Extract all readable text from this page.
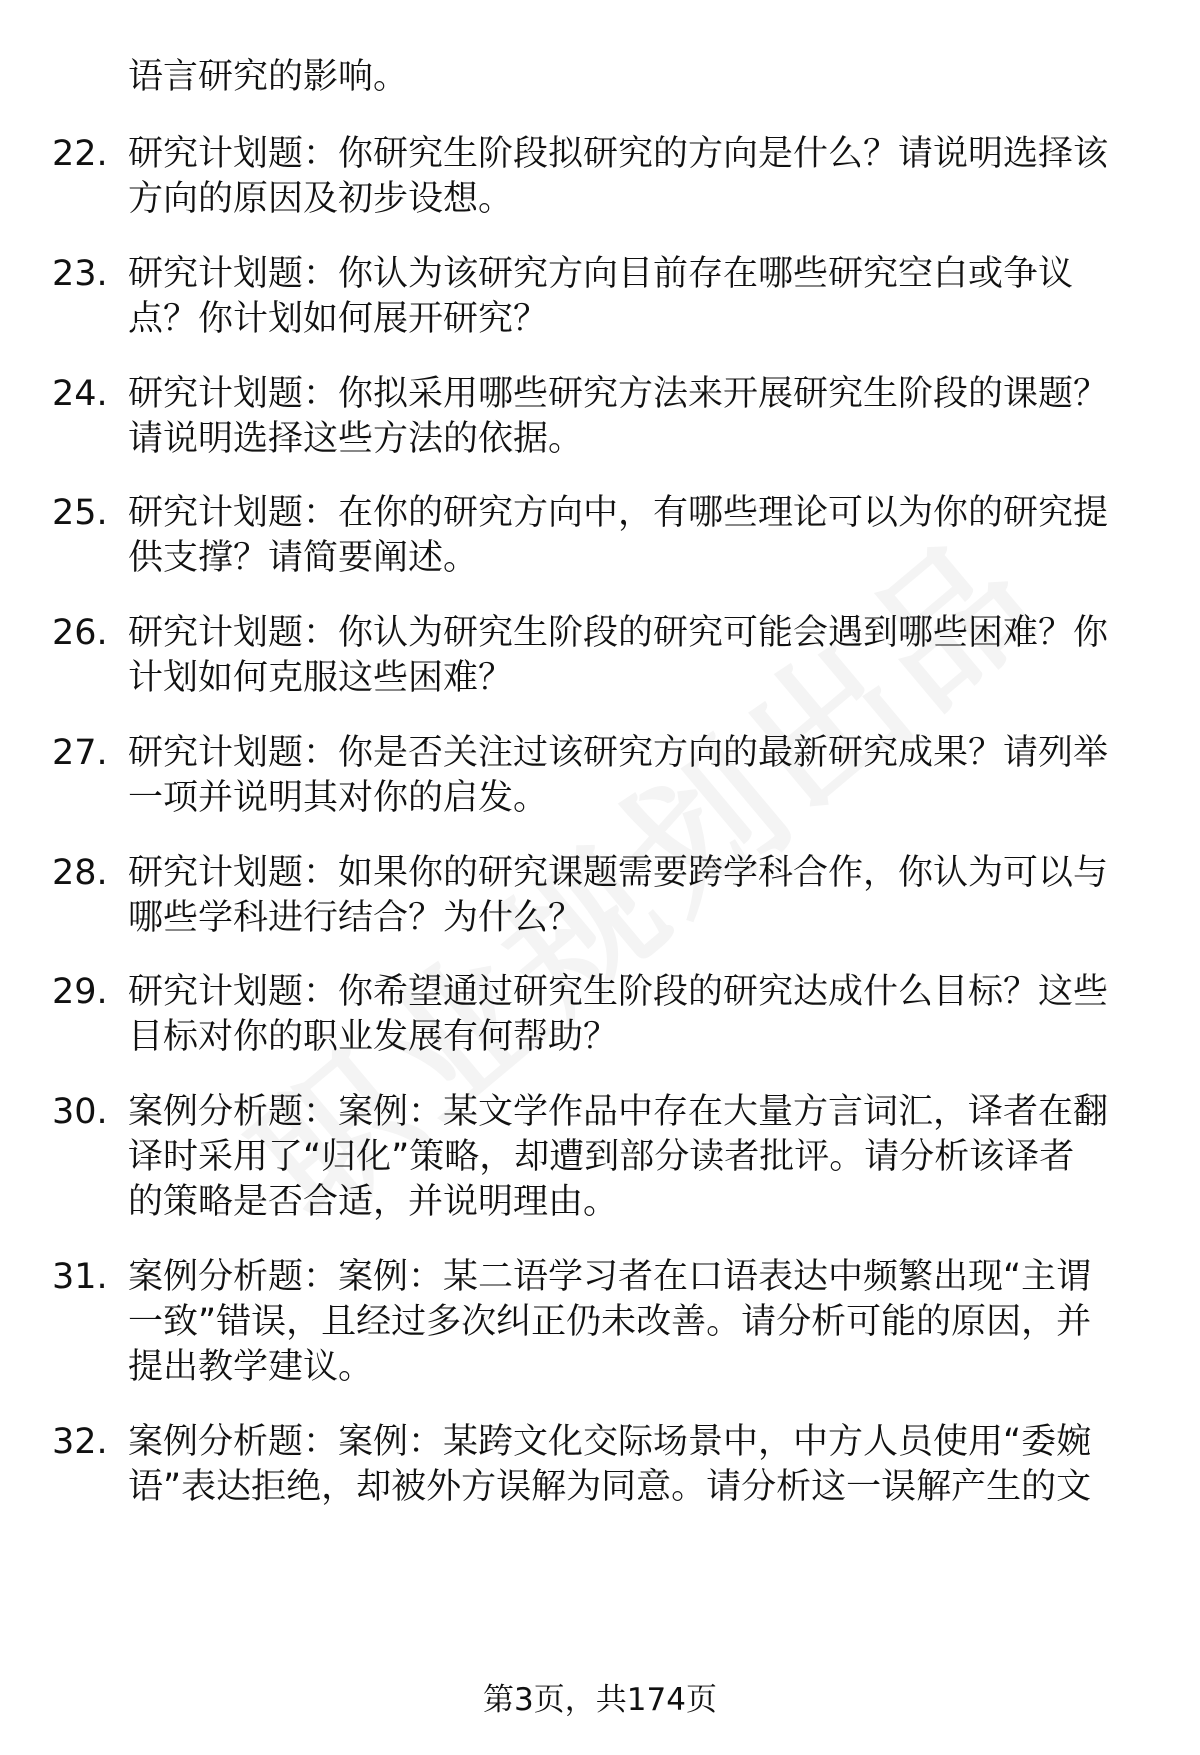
语言研究的影响。
22. 研究计划题：你研究生阶段拟研究的方向是什么？请说明选择该
方向的原因及初步设想。
23. 研究计划题：你认为该研究方向目前存在哪些研究空白或争议
点？你计划如何展开研究？
24. 研究计划题：你拟采用哪些研究方法来开展研究生阶段的课题？
请说明选择这些方法的依据。
25. 研究计划题：在你的研究方向中，有哪些理论可以为你的研究提
供支撑？请简要阐述。
26. 研究计划题：你认为研究生阶段的研究可能会遇到哪些困难？你
计划如何克服这些困难？
27. 研究计划题：你是否关注过该研究方向的最新研究成果？请列举
一项并说明其对你的启发。
28. 研究计划题：如果你的研究课题需要跨学科合作，你认为可以与
哪些学科进行结合？为什么？
29. 研究计划题：你希望通过研究生阶段的研究达成什么目标？这些
目标对你的职业发展有何帮助？
30. 案例分析题：案例：某文学作品中存在大量方言词汇，译者在翻
译时采用了“归化”策略，却遭到部分读者批评。请分析该译者
的策略是否合适，并说明理由。
31. 案例分析题：案例：某二语学习者在口语表达中频繁出现“主谓
一致”错误，且经过多次纠正仍未改善。请分析可能的原因，并
提出教学建议。
32. 案例分析题：案例：某跨文化交际场景中，中方人员使用“委婉
语”表达拒绝，却被外方误解为同意。请分析这一误解产生的文
第3页，共174页
